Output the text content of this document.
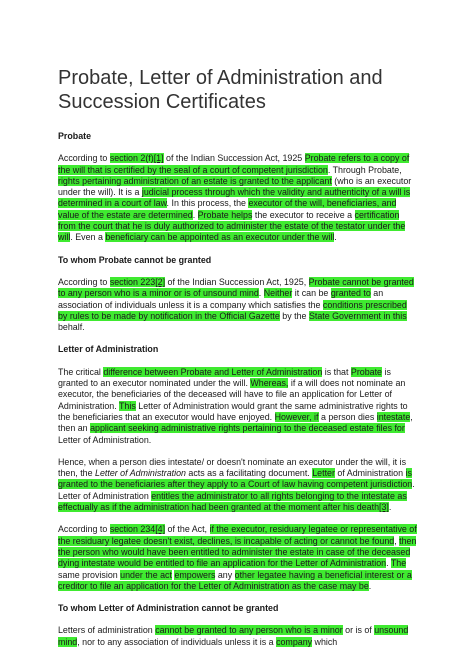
Probate, Letter of Administration and
Succession Certificates
Probate

According to section 2(f)[1] of the Indian Succession Act, 1925 Probate refers to a copy of the will that is certified by the seal of a court of competent jurisdiction. Through Probate, rights pertaining administration of an estate is granted to the applicant (who is an executor under the will). It is a judicial process through which the validity and authenticity of a will is determined in a court of law. In this process, the executor of the will, beneficiaries, and value of the estate are determined. Probate helps the executor to receive a certification from the court that he is duly authorized to administer the estate of the testator under the will. Even a beneficiary can be appointed as an executor under the will.

To whom Probate cannot be granted

According to section 223[2] of the Indian Succession Act, 1925, Probate cannot be granted to any person who is a minor or is of unsound mind. Neither it can be granted to an association of individuals unless it is a company which satisfies the conditions prescribed by rules to be made by notification in the Official Gazette by the State Government in this behalf.

Letter of Administration

The critical difference between Probate and Letter of Administration is that Probate is granted to an executor nominated under the will. Whereas, if a will does not nominate an executor, the beneficiaries of the deceased will have to file an application for Letter of Administration. This Letter of Administration would grant the same administrative rights to the beneficiaries that an executor would have enjoyed. However, if a person dies intestate, then an applicant seeking administrative rights pertaining to the deceased estate files for Letter of Administration.

Hence, when a person dies intestate/ or doesn't nominate an executor under the will, it is then, the Letter of Administration acts as a facilitating document. Letter of Administration is granted to the beneficiaries after they apply to a Court of law having competent jurisdiction. Letter of Administration entitles the administrator to all rights belonging to the intestate as effectually as if the administration had been granted at the moment after his death[3].

According to section 234[4] of the Act, if the executor, residuary legatee or representative of the residuary legatee doesn't exist, declines, is incapable of acting or cannot be found, then the person who would have been entitled to administer the estate in case of the deceased dying intestate would be entitled to file an application for the Letter of Administration. The same provision under the act empowers any other legatee having a beneficial interest or a creditor to file an application for the Letter of Administration as the case may be.

To whom Letter of Administration cannot be granted

Letters of administration cannot be granted to any person who is a minor or is of unsound mind, nor to any association of individuals unless it is a company which
